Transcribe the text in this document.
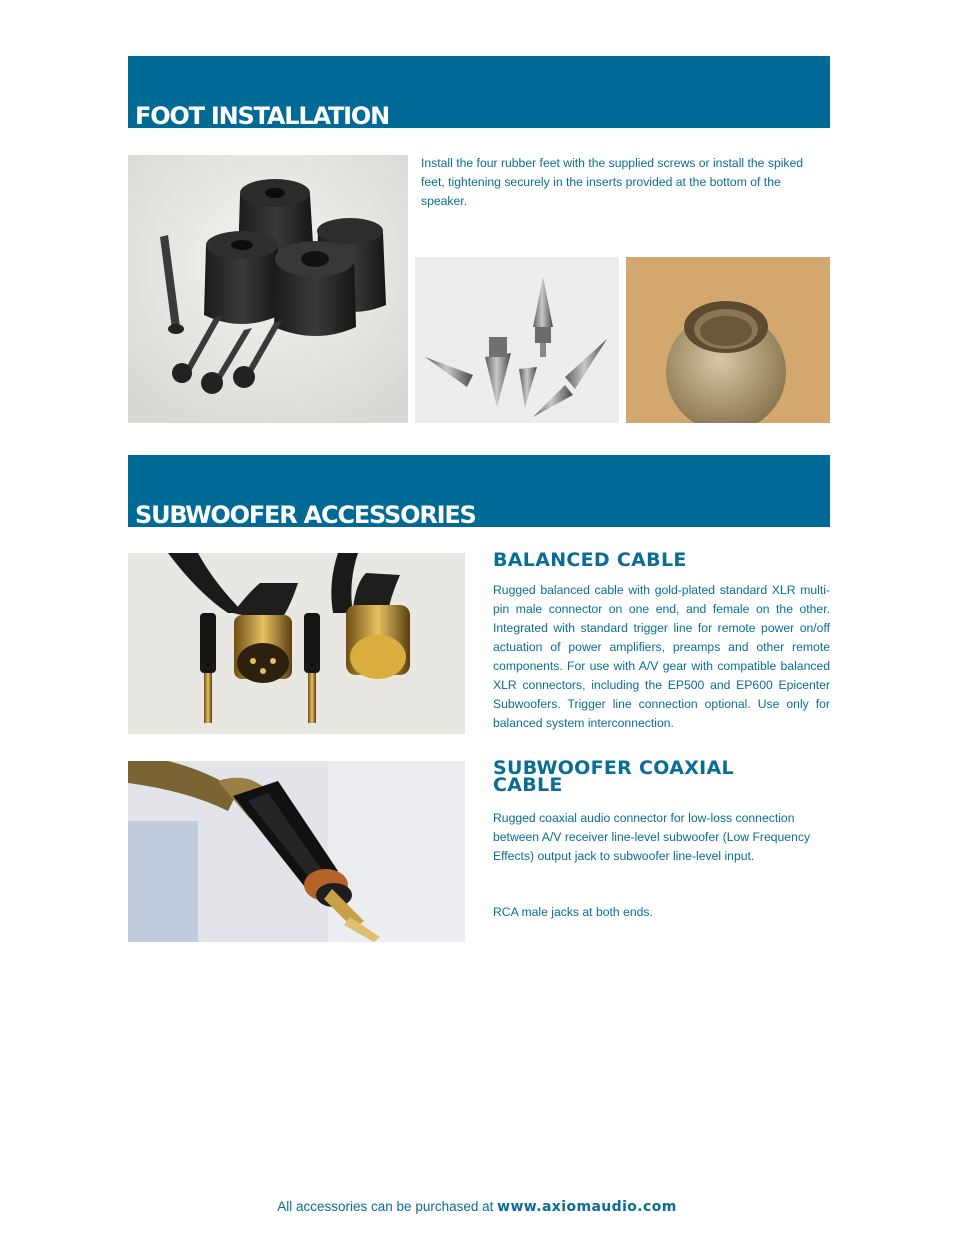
FOOT INSTALLATION

Install the four rubber feet with the supplied screws or install the spiked feet, tightening securely in the inserts provided at the bottom of the speaker.

SUBWOOFER ACCESSORIES
BALANCED CABLE

Rugged balanced cable with gold-plated standard XLR multi-pin male connector on one end, and female on the other. Integrated with standard trigger line for remote power on/off actuation of power amplifiers, preamps and other remote components. For use with A/V gear with compatible balanced XLR connectors, including the EP500 and EP600 Epicenter Subwoofers. Trigger line connection optional. Use only for balanced system interconnection.

SUBWOOFER COAXIAL CABLE

Rugged coaxial audio connector for low-loss connection between A/V receiver line-level subwoofer (Low Frequency Effects) output jack to subwoofer line-level input.

RCA male jacks at both ends.

All accessories can be purchased at www.axiomaudio.com
